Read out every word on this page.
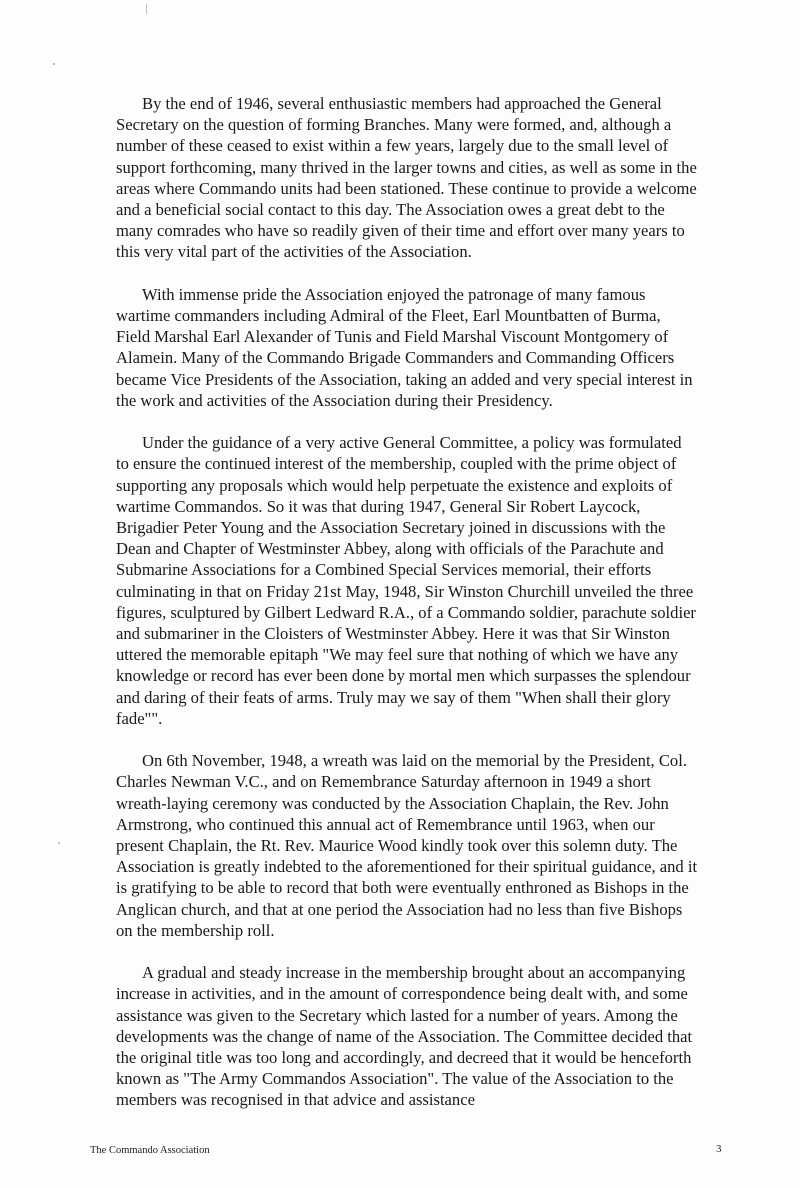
By the end of 1946, several enthusiastic members had approached the General Secretary on the question of forming Branches. Many were formed, and, although a number of these ceased to exist within a few years, largely due to the small level of support forthcoming, many thrived in the larger towns and cities, as well as some in the areas where Commando units had been stationed. These continue to provide a welcome and a beneficial social contact to this day. The Association owes a great debt to the many comrades who have so readily given of their time and effort over many years to this very vital part of the activities of the Association.

With immense pride the Association enjoyed the patronage of many famous wartime commanders including Admiral of the Fleet, Earl Mountbatten of Burma, Field Marshal Earl Alexander of Tunis and Field Marshal Viscount Montgomery of Alamein. Many of the Commando Brigade Commanders and Commanding Officers became Vice Presidents of the Association, taking an added and very special interest in the work and activities of the Association during their Presidency.

Under the guidance of a very active General Committee, a policy was formulated to ensure the continued interest of the membership, coupled with the prime object of supporting any proposals which would help perpetuate the existence and exploits of wartime Commandos. So it was that during 1947, General Sir Robert Laycock, Brigadier Peter Young and the Association Secretary joined in discussions with the Dean and Chapter of Westminster Abbey, along with officials of the Parachute and Submarine Associations for a Combined Special Services memorial, their efforts culminating in that on Friday 21st May, 1948, Sir Winston Churchill unveiled the three figures, sculptured by Gilbert Ledward R.A., of a Commando soldier, parachute soldier and submariner in the Cloisters of Westminster Abbey. Here it was that Sir Winston uttered the memorable epitaph "We may feel sure that nothing of which we have any knowledge or record has ever been done by mortal men which surpasses the splendour and daring of their feats of arms. Truly may we say of them "When shall their glory fade"".

On 6th November, 1948, a wreath was laid on the memorial by the President, Col. Charles Newman V.C., and on Remembrance Saturday afternoon in 1949 a short wreath-laying ceremony was conducted by the Association Chaplain, the Rev. John Armstrong, who continued this annual act of Remembrance until 1963, when our present Chaplain, the Rt. Rev. Maurice Wood kindly took over this solemn duty. The Association is greatly indebted to the aforementioned for their spiritual guidance, and it is gratifying to be able to record that both were eventually enthroned as Bishops in the Anglican church, and that at one period the Association had no less than five Bishops on the membership roll.

A gradual and steady increase in the membership brought about an accompanying increase in activities, and in the amount of correspondence being dealt with, and some assistance was given to the Secretary which lasted for a number of years. Among the developments was the change of name of the Association. The Committee decided that the original title was too long and accordingly, and decreed that it would be henceforth known as "The Army Commandos Association". The value of the Association to the members was recognised in that advice and assistance

The Commando Association	3
